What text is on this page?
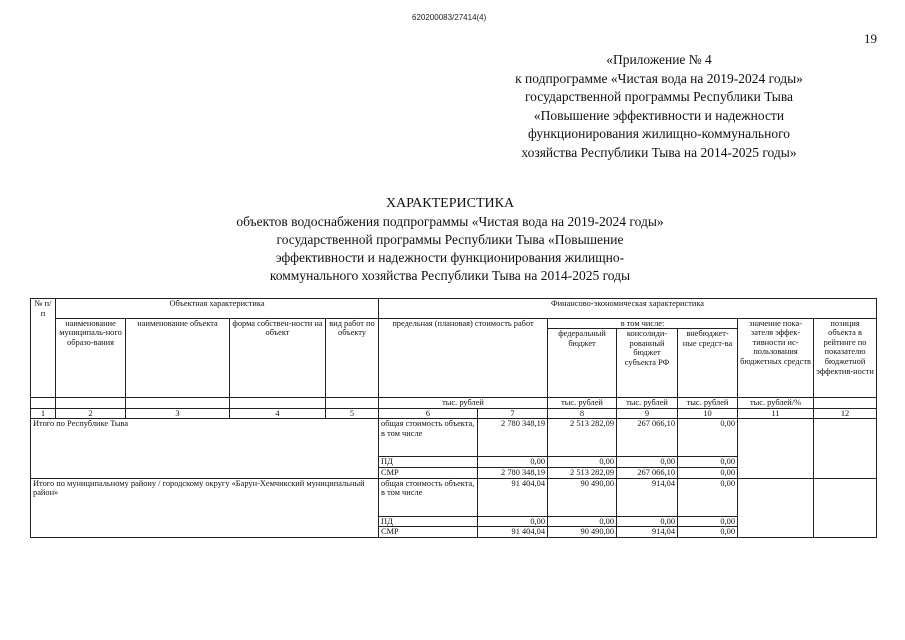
620200083/27414(4)
19
«Приложение № 4
к подпрограмме «Чистая вода на 2019-2024 годы»
государственной программы Республики Тыва
«Повышение эффективности и надежности
функционирования жилищно-коммунального
хозяйства Республики Тыва на 2014-2025 годы»
ХАРАКТЕРИСТИКА
объектов водоснабжения подпрограммы «Чистая вода на 2019-2024 годы»
государственной программы Республики Тыва «Повышение
эффективности и надежности функционирования жилищно-
коммунального хозяйства Республики Тыва на 2014-2025 годы
№ п/п	Объектная характеристика				Финансово-экономическая характеристика						
	наименование муниципаль-ного образо-вания	наименование объекта	форма собствен-ности на объект	вид работ по объекту	предельная (плановая) стоимость работ		в том числе:			значение пока-зателя эффек-тивности ис-пользования бюджетных средств	позиция объекта в рейтинге по показателю бюджетной эффектив-ности
							федеральный бюджет	консолиди-рованный бюджет субъекта РФ	внебюджет-ные средст-ва		
					тыс. рублей		тыс. рублей	тыс. рублей	тыс. рублей	тыс. рублей/%	
1	2	3	4	5	6	7	8	9	10	11	12
Итого по Республике Тыва					общая стоимость объекта, в том числе	2 780 348,19	2 513 282,09	267 066,10	0,00		
					ПД	0,00	0,00	0,00	0,00		
					СМР	2 780 348,19	2 513 282,09	267 066,10	0,00		
Итого по муниципальному району / городскому округу «Барун-Хемчикский муниципальный район»					общая стоимость объекта, в том числе	91 404,04	90 490,00	914,04	0,00		
					ПД	0,00	0,00	0,00	0,00		
					СМР	91 404,04	90 490,00	914,04	0,00		
